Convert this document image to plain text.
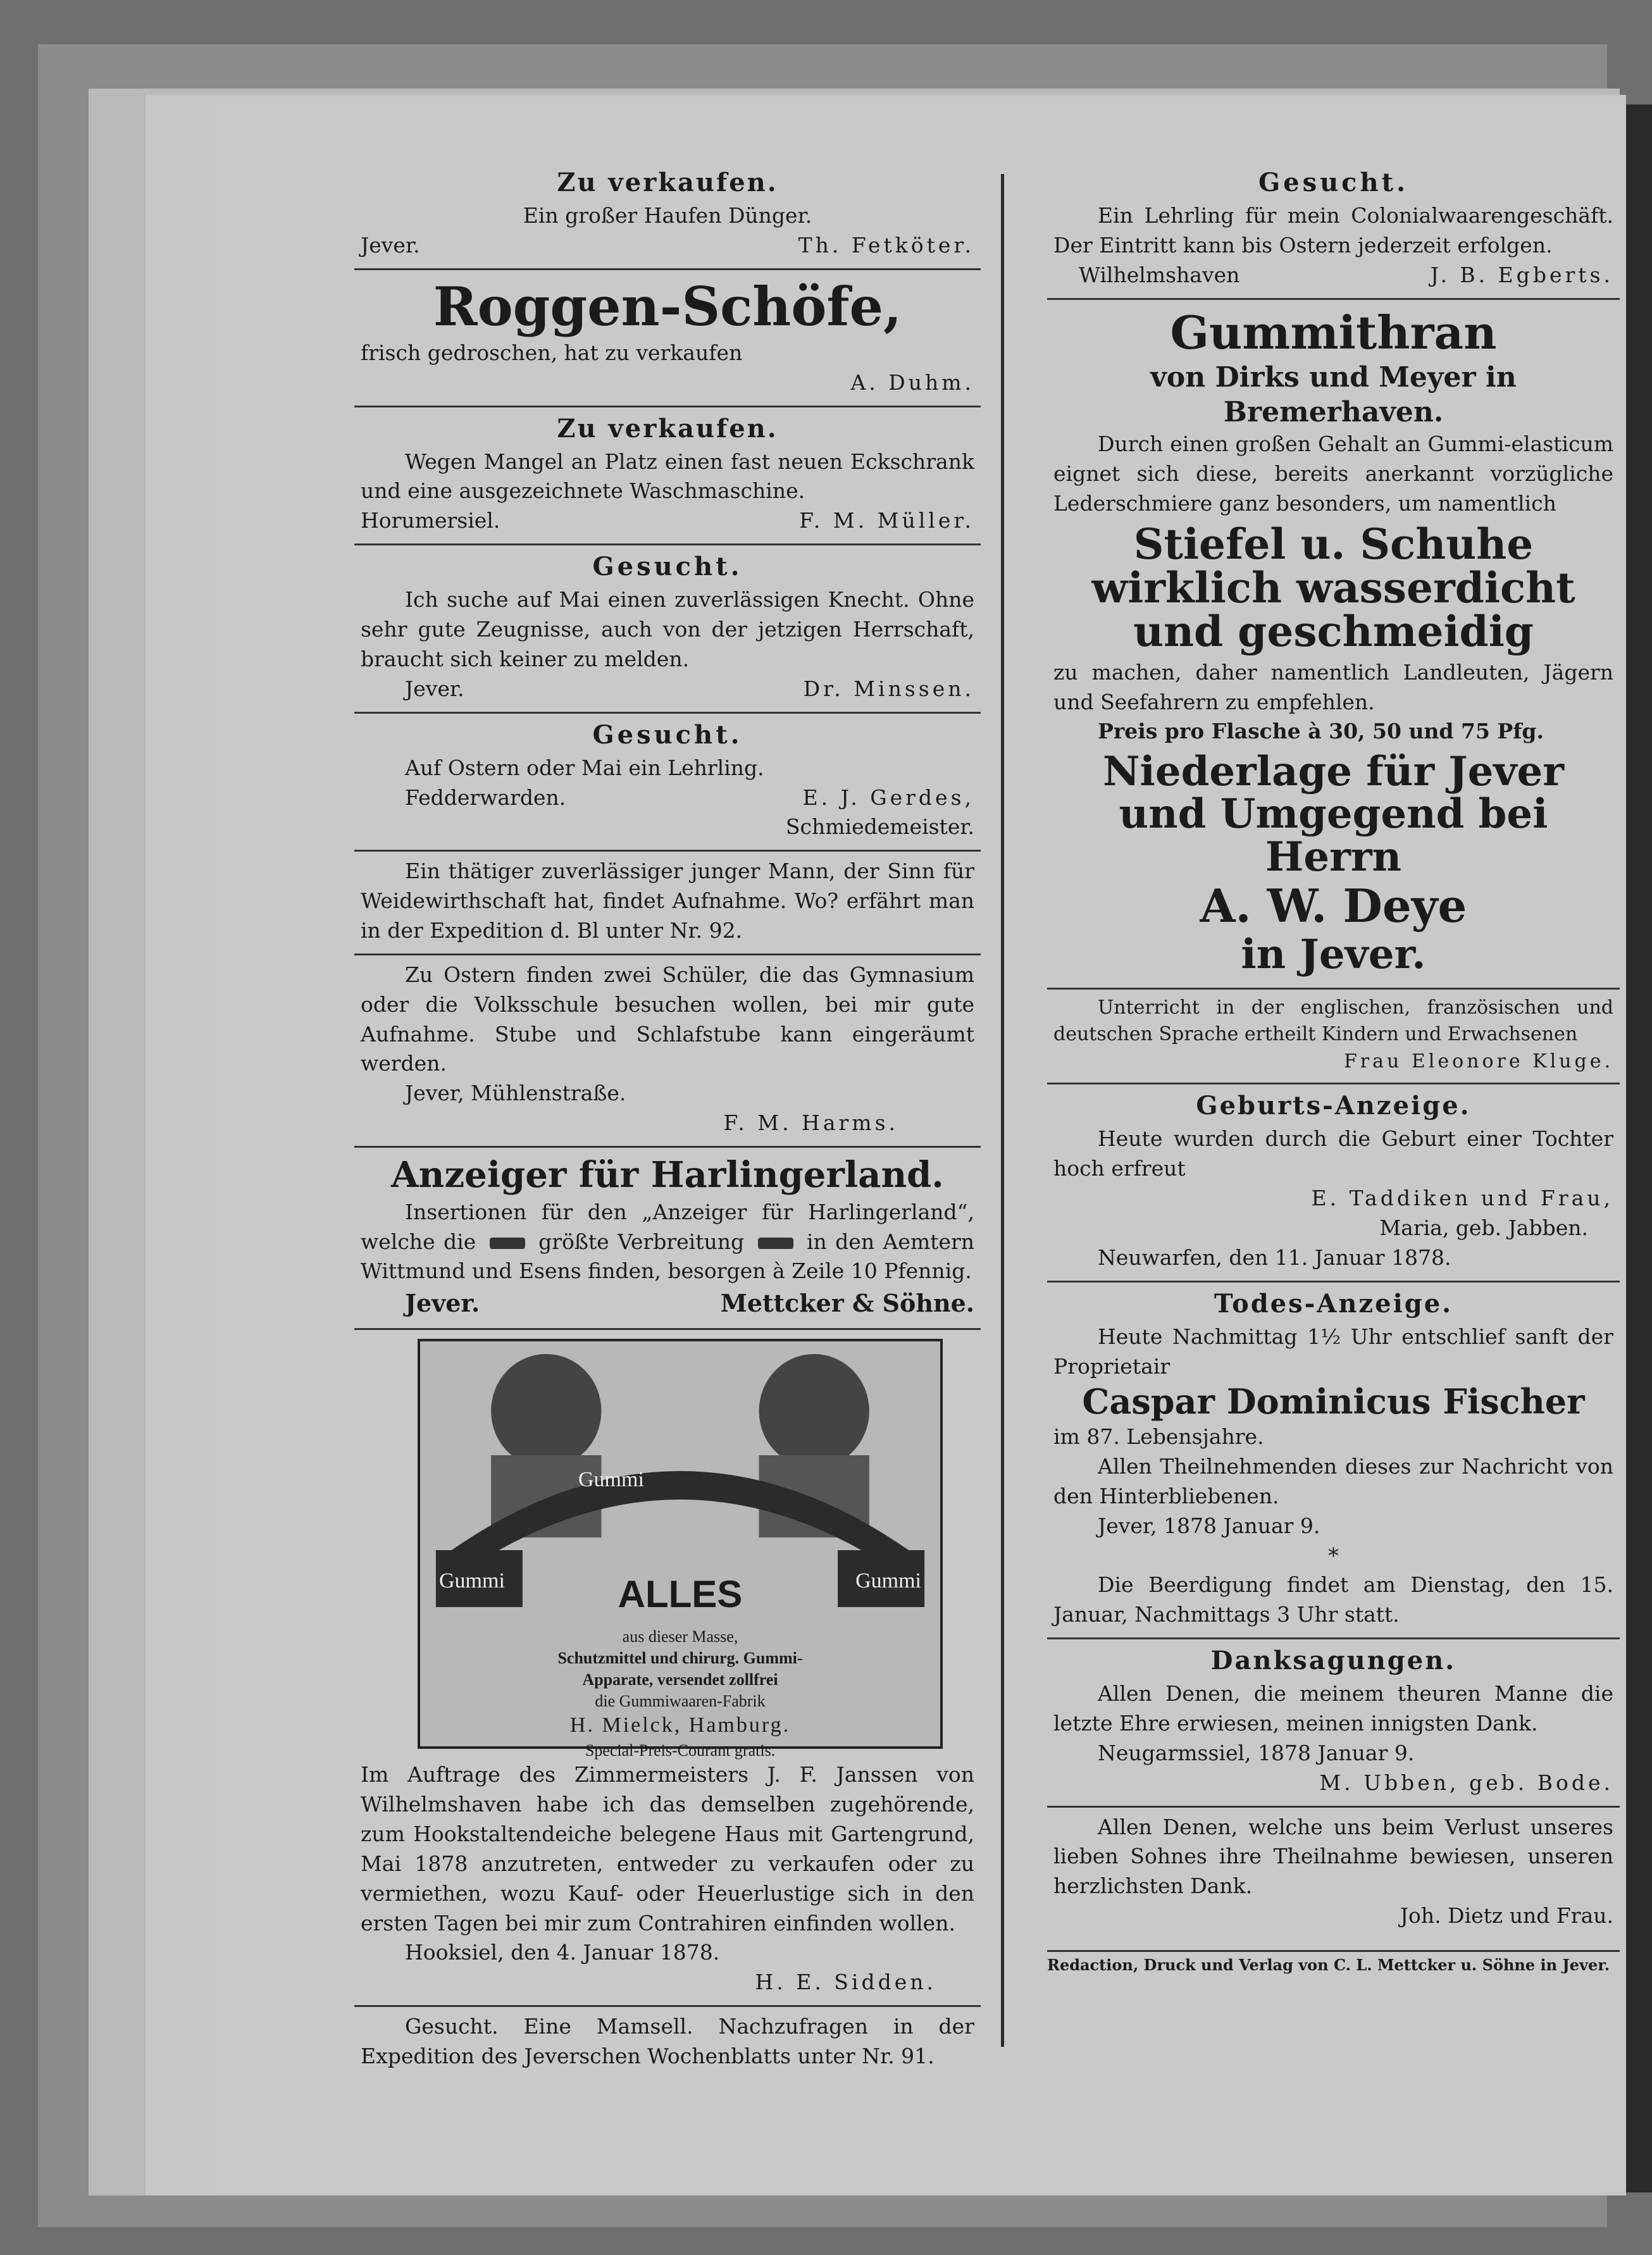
Zu verkaufen.
Ein großer Haufen Dünger.
Jever.	Th. Fetköter.
Roggen-Schöfe,
frisch gedroschen, hat zu verkaufen
A. Duhm.
Zu verkaufen.
Wegen Mangel an Platz einen fast neuen Eckschrank und eine ausgezeichnete Waschmaschine.
Horumersiel.	F. M. Müller.
Gesucht.
Ich suche auf Mai einen zuverlässigen Knecht. Ohne sehr gute Zeugnisse, auch von der jetzigen Herrschaft, braucht sich keiner zu melden.
Jever.	Dr. Minssen.
Gesucht.
Auf Ostern oder Mai ein Lehrling.
Fedderwarden.	E. J. Gerdes,
Schmiedemeister.
Ein thätiger zuverlässiger junger Mann, der Sinn für Weidewirthschaft hat, findet Aufnahme. Wo? erfährt man in der Expedition d. Bl unter Nr. 92.
Zu Ostern finden zwei Schüler, die das Gymnasium oder die Volksschule besuchen wollen, bei mir gute Aufnahme. Stube und Schlafstube kann eingeräumt werden.
Jever, Mühlenstraße.
F. M. Harms.
Anzeiger für Harlingerland.
Insertionen für den „Anzeiger für Harlingerland“, welche die	größte Verbreitung	in den Aemtern Wittmund und Esens finden, besorgen à Zeile 10 Pfennig.
Jever.	Mettcker & Söhne.
Gummi
Gummi	Gummi
ALLES
aus dieser Masse,
Schutzmittel und chirurg. Gummi-
Apparate, versendet zollfrei
die Gummiwaaren-Fabrik
H. Mielck, Hamburg.
Special-Preis-Courant gratis.
Im Auftrage des Zimmermeisters J. F. Janssen von Wilhelmshaven habe ich das demselben zugehörende, zum Hookstaltendeiche belegene Haus mit Gartengrund, Mai 1878 anzutreten, entweder zu verkaufen oder zu vermiethen, wozu Kauf- oder Heuerlustige sich in den ersten Tagen bei mir zum Contrahiren einfinden wollen.
Hooksiel, den 4. Januar 1878.
H. E. Sidden.
Gesucht. Eine Mamsell. Nachzufragen in der Expedition des Jeverschen Wochenblatts unter Nr. 91.
Gesucht.
Ein Lehrling für mein Colonialwaarengeschäft. Der Eintritt kann bis Ostern jederzeit erfolgen.
Wilhelmshaven	J. B. Egberts.
Gummithran
von Dirks und Meyer in Bremerhaven.
Durch einen großen Gehalt an Gummi-elasticum eignet sich diese, bereits anerkannt vorzügliche Lederschmiere ganz besonders, um namentlich
Stiefel u. Schuhe wirklich wasserdicht und geschmeidig
zu machen, daher namentlich Landleuten, Jägern und Seefahrern zu empfehlen.
Preis pro Flasche à 30, 50 und 75 Pfg.
Niederlage für Jever und Umgegend bei Herrn
A. W. Deye
in Jever.
Unterricht in der englischen, französischen und deutschen Sprache ertheilt Kindern und Erwachsenen
Frau Eleonore Kluge.
Geburts-Anzeige.
Heute wurden durch die Geburt einer Tochter hoch erfreut
E. Taddiken und Frau,
Maria, geb. Jabben.
Neuwarfen, den 11. Januar 1878.
Todes-Anzeige.
Heute Nachmittag 1½ Uhr entschlief sanft der Proprietair
Caspar Dominicus Fischer
im 87. Lebensjahre.
Allen Theilnehmenden dieses zur Nachricht von den Hinterbliebenen.
Jever, 1878 Januar 9.
*
Die Beerdigung findet am Dienstag, den 15. Januar, Nachmittags 3 Uhr statt.
Danksagungen.
Allen Denen, die meinem theuren Manne die letzte Ehre erwiesen, meinen innigsten Dank.
Neugarmssiel, 1878 Januar 9.
M. Ubben, geb. Bode.
Allen Denen, welche uns beim Verlust unseres lieben Sohnes ihre Theilnahme bewiesen, unseren herzlichsten Dank.
Joh. Dietz und Frau.
Redaction, Druck und Verlag von C. L. Mettcker u. Söhne in Jever.
